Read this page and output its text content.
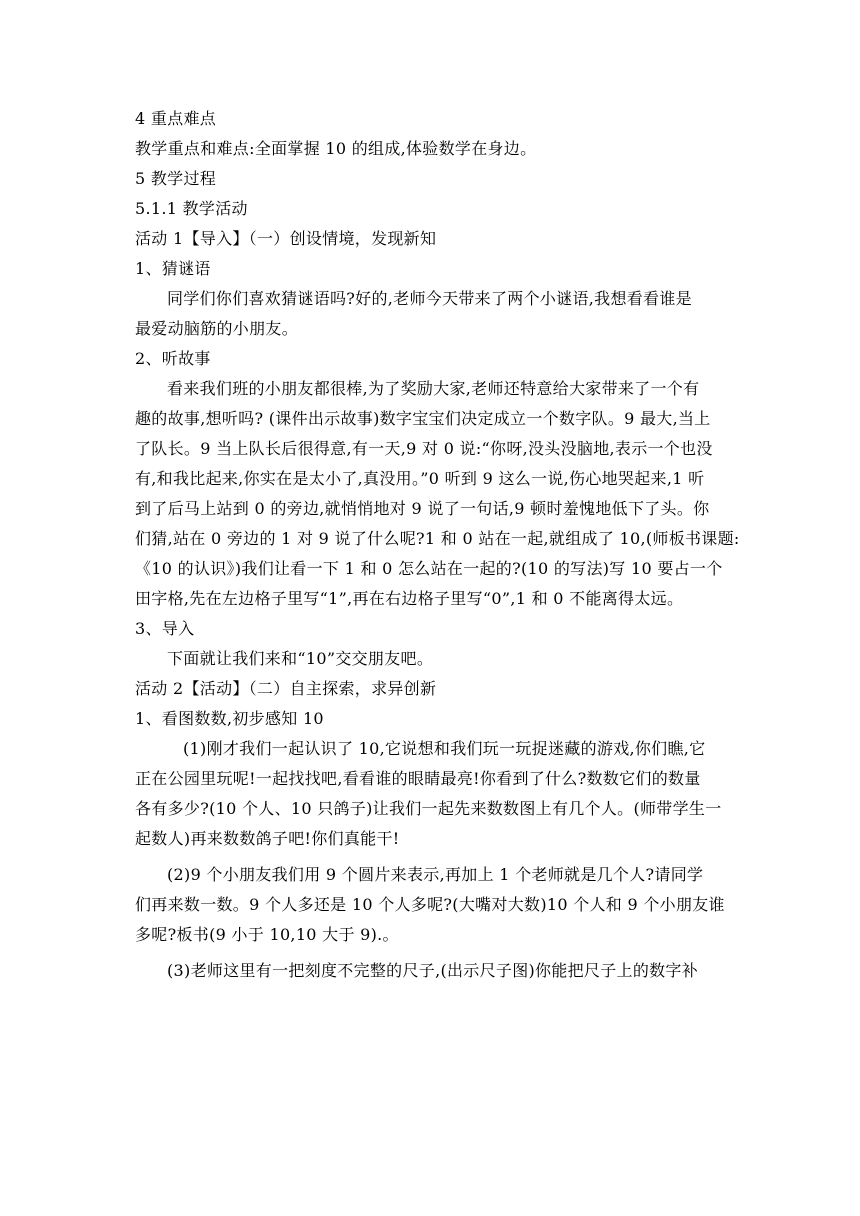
4 重点难点
教学重点和难点:全面掌握 10 的组成,体验数学在身边。
5 教学过程
5.1.1 教学活动
活动 1【导入】（一）创设情境，发现新知
1、猜谜语
同学们你们喜欢猜谜语吗?好的,老师今天带来了两个小谜语,我想看看谁是
最爱动脑筋的小朋友。
2、听故事
看来我们班的小朋友都很棒,为了奖励大家,老师还特意给大家带来了一个有
趣的故事,想听吗? (课件出示故事)数字宝宝们决定成立一个数字队。9 最大,当上
了队长。9 当上队长后很得意,有一天,9 对 0 说:“你呀,没头没脑地,表示一个也没
有,和我比起来,你实在是太小了,真没用。”0 听到 9 这么一说,伤心地哭起来,1 听
到了后马上站到 0 的旁边,就悄悄地对 9 说了一句话,9 顿时羞愧地低下了头。你
们猜,站在 0 旁边的 1 对 9 说了什么呢?1 和 0 站在一起,就组成了 10,(师板书课题:
《10 的认识》)我们让看一下 1 和 0 怎么站在一起的?(10 的写法)写 10 要占一个
田字格,先在左边格子里写“1”,再在右边格子里写“0”,1 和 0 不能离得太远。
3、导入
下面就让我们来和“10”交交朋友吧。
活动 2【活动】（二）自主探索，求异创新
1、看图数数,初步感知 10
(1)刚才我们一起认识了 10,它说想和我们玩一玩捉迷藏的游戏,你们瞧,它
正在公园里玩呢!一起找找吧,看看谁的眼睛最亮!你看到了什么?数数它们的数量
各有多少?(10 个人、10 只鸽子)让我们一起先来数数图上有几个人。(师带学生一
起数人)再来数数鸽子吧!你们真能干!
(2)9 个小朋友我们用 9 个圆片来表示,再加上 1 个老师就是几个人?请同学
们再来数一数。9 个人多还是 10 个人多呢?(大嘴对大数)10 个人和 9 个小朋友谁
多呢?板书(9 小于 10,10 大于 9).。
(3)老师这里有一把刻度不完整的尺子,(出示尺子图)你能把尺子上的数字补
